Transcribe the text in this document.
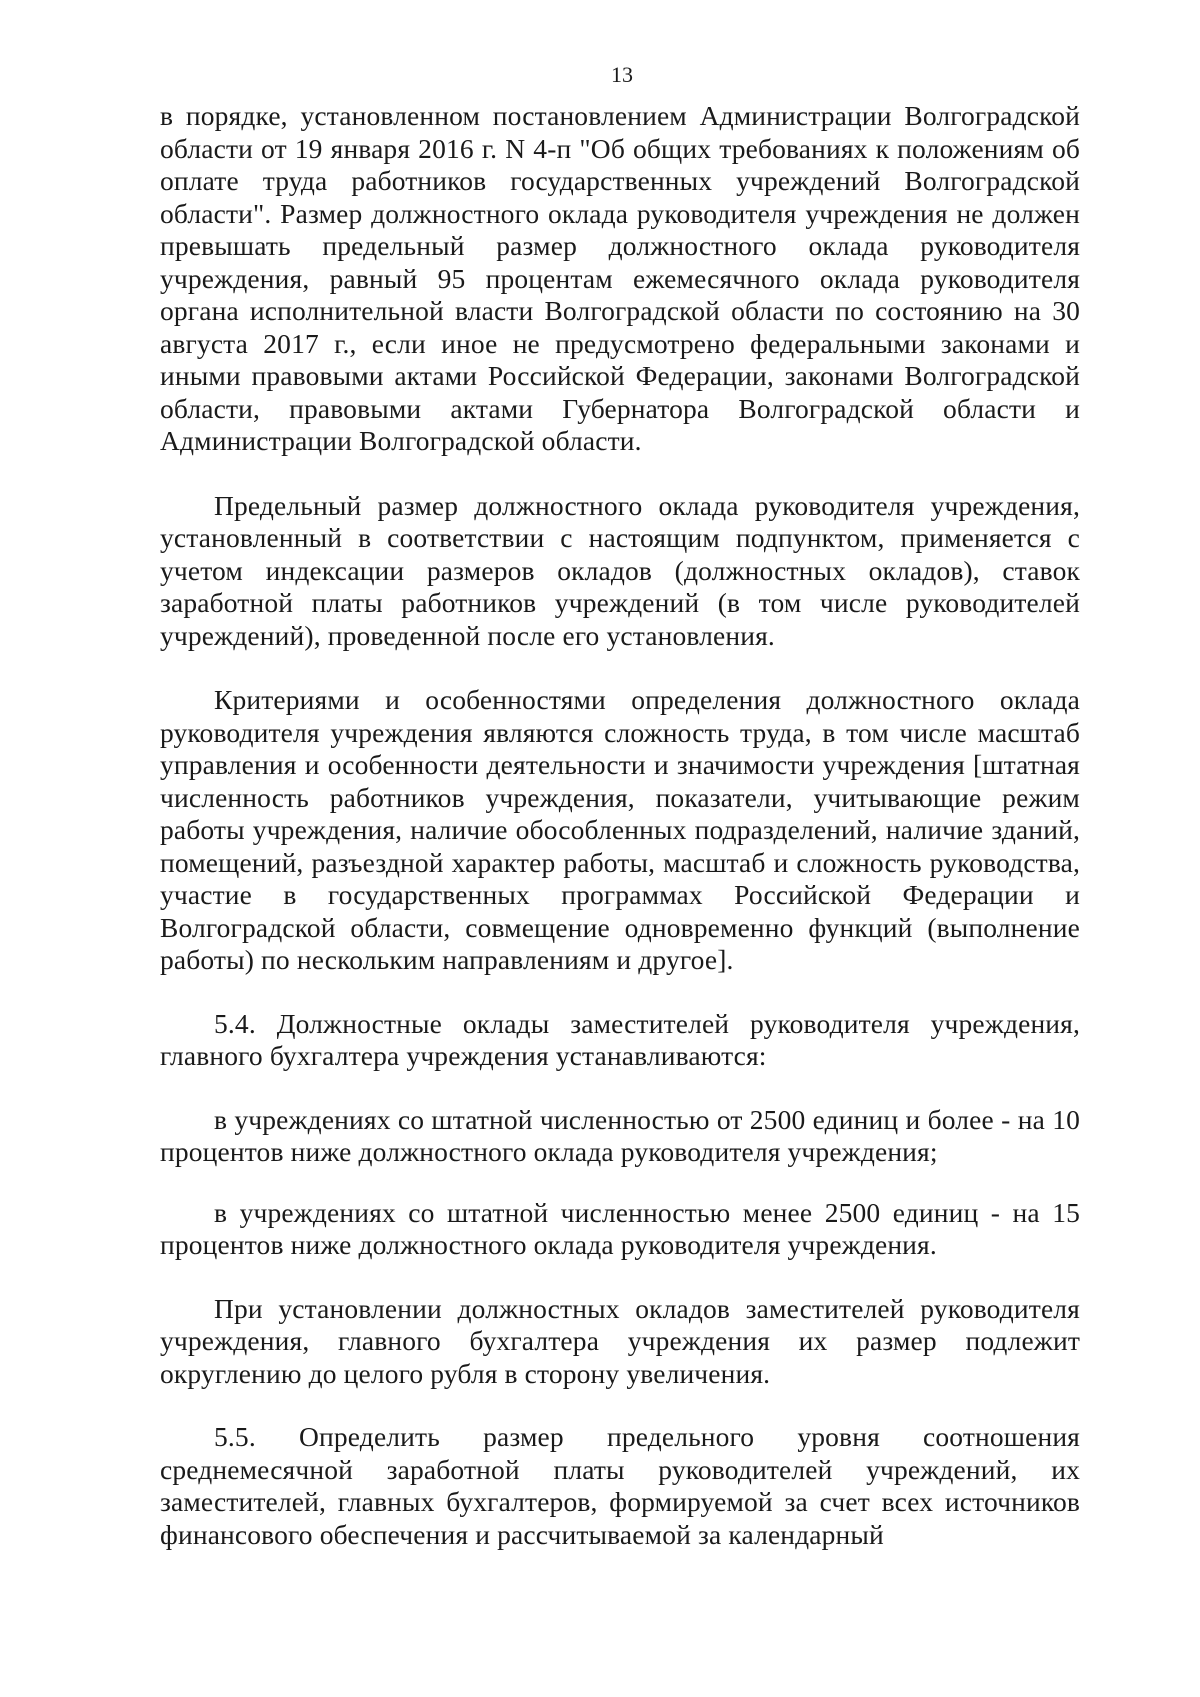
13

в порядке, установленном постановлением Администрации Волгоградской области от 19 января 2016 г. N 4-п "Об общих требованиях к положениям об оплате труда работников государственных учреждений Волгоградской области". Размер должностного оклада руководителя учреждения не должен превышать предельный размер должностного оклада руководителя учреждения, равный 95 процентам ежемесячного оклада руководителя органа исполнительной власти Волгоградской области по состоянию на 30 августа 2017 г., если иное не предусмотрено федеральными законами и иными правовыми актами Российской Федерации, законами Волгоградской области, правовыми актами Губернатора Волгоградской области и Администрации Волгоградской области.

Предельный размер должностного оклада руководителя учреждения, установленный в соответствии с настоящим подпунктом, применяется с учетом индексации размеров окладов (должностных окладов), ставок заработной платы работников учреждений (в том числе руководителей учреждений), проведенной после его установления.

Критериями и особенностями определения должностного оклада руководителя учреждения являются сложность труда, в том числе масштаб управления и особенности деятельности и значимости учреждения [штатная численность работников учреждения, показатели, учитывающие режим работы учреждения, наличие обособленных подразделений, наличие зданий, помещений, разъездной характер работы, масштаб и сложность руководства, участие в государственных программах Российской Федерации и Волгоградской области, совмещение одновременно функций (выполнение работы) по нескольким направлениям и другое].

5.4. Должностные оклады заместителей руководителя учреждения, главного бухгалтера учреждения устанавливаются:

в учреждениях со штатной численностью от 2500 единиц и более - на 10 процентов ниже должностного оклада руководителя учреждения;

в учреждениях со штатной численностью менее 2500 единиц - на 15 процентов ниже должностного оклада руководителя учреждения.

При установлении должностных окладов заместителей руководителя учреждения, главного бухгалтера учреждения их размер подлежит округлению до целого рубля в сторону увеличения.

5.5. Определить размер предельного уровня соотношения среднемесячной заработной платы руководителей учреждений, их заместителей, главных бухгалтеров, формируемой за счет всех источников финансового обеспечения и рассчитываемой за календарный
